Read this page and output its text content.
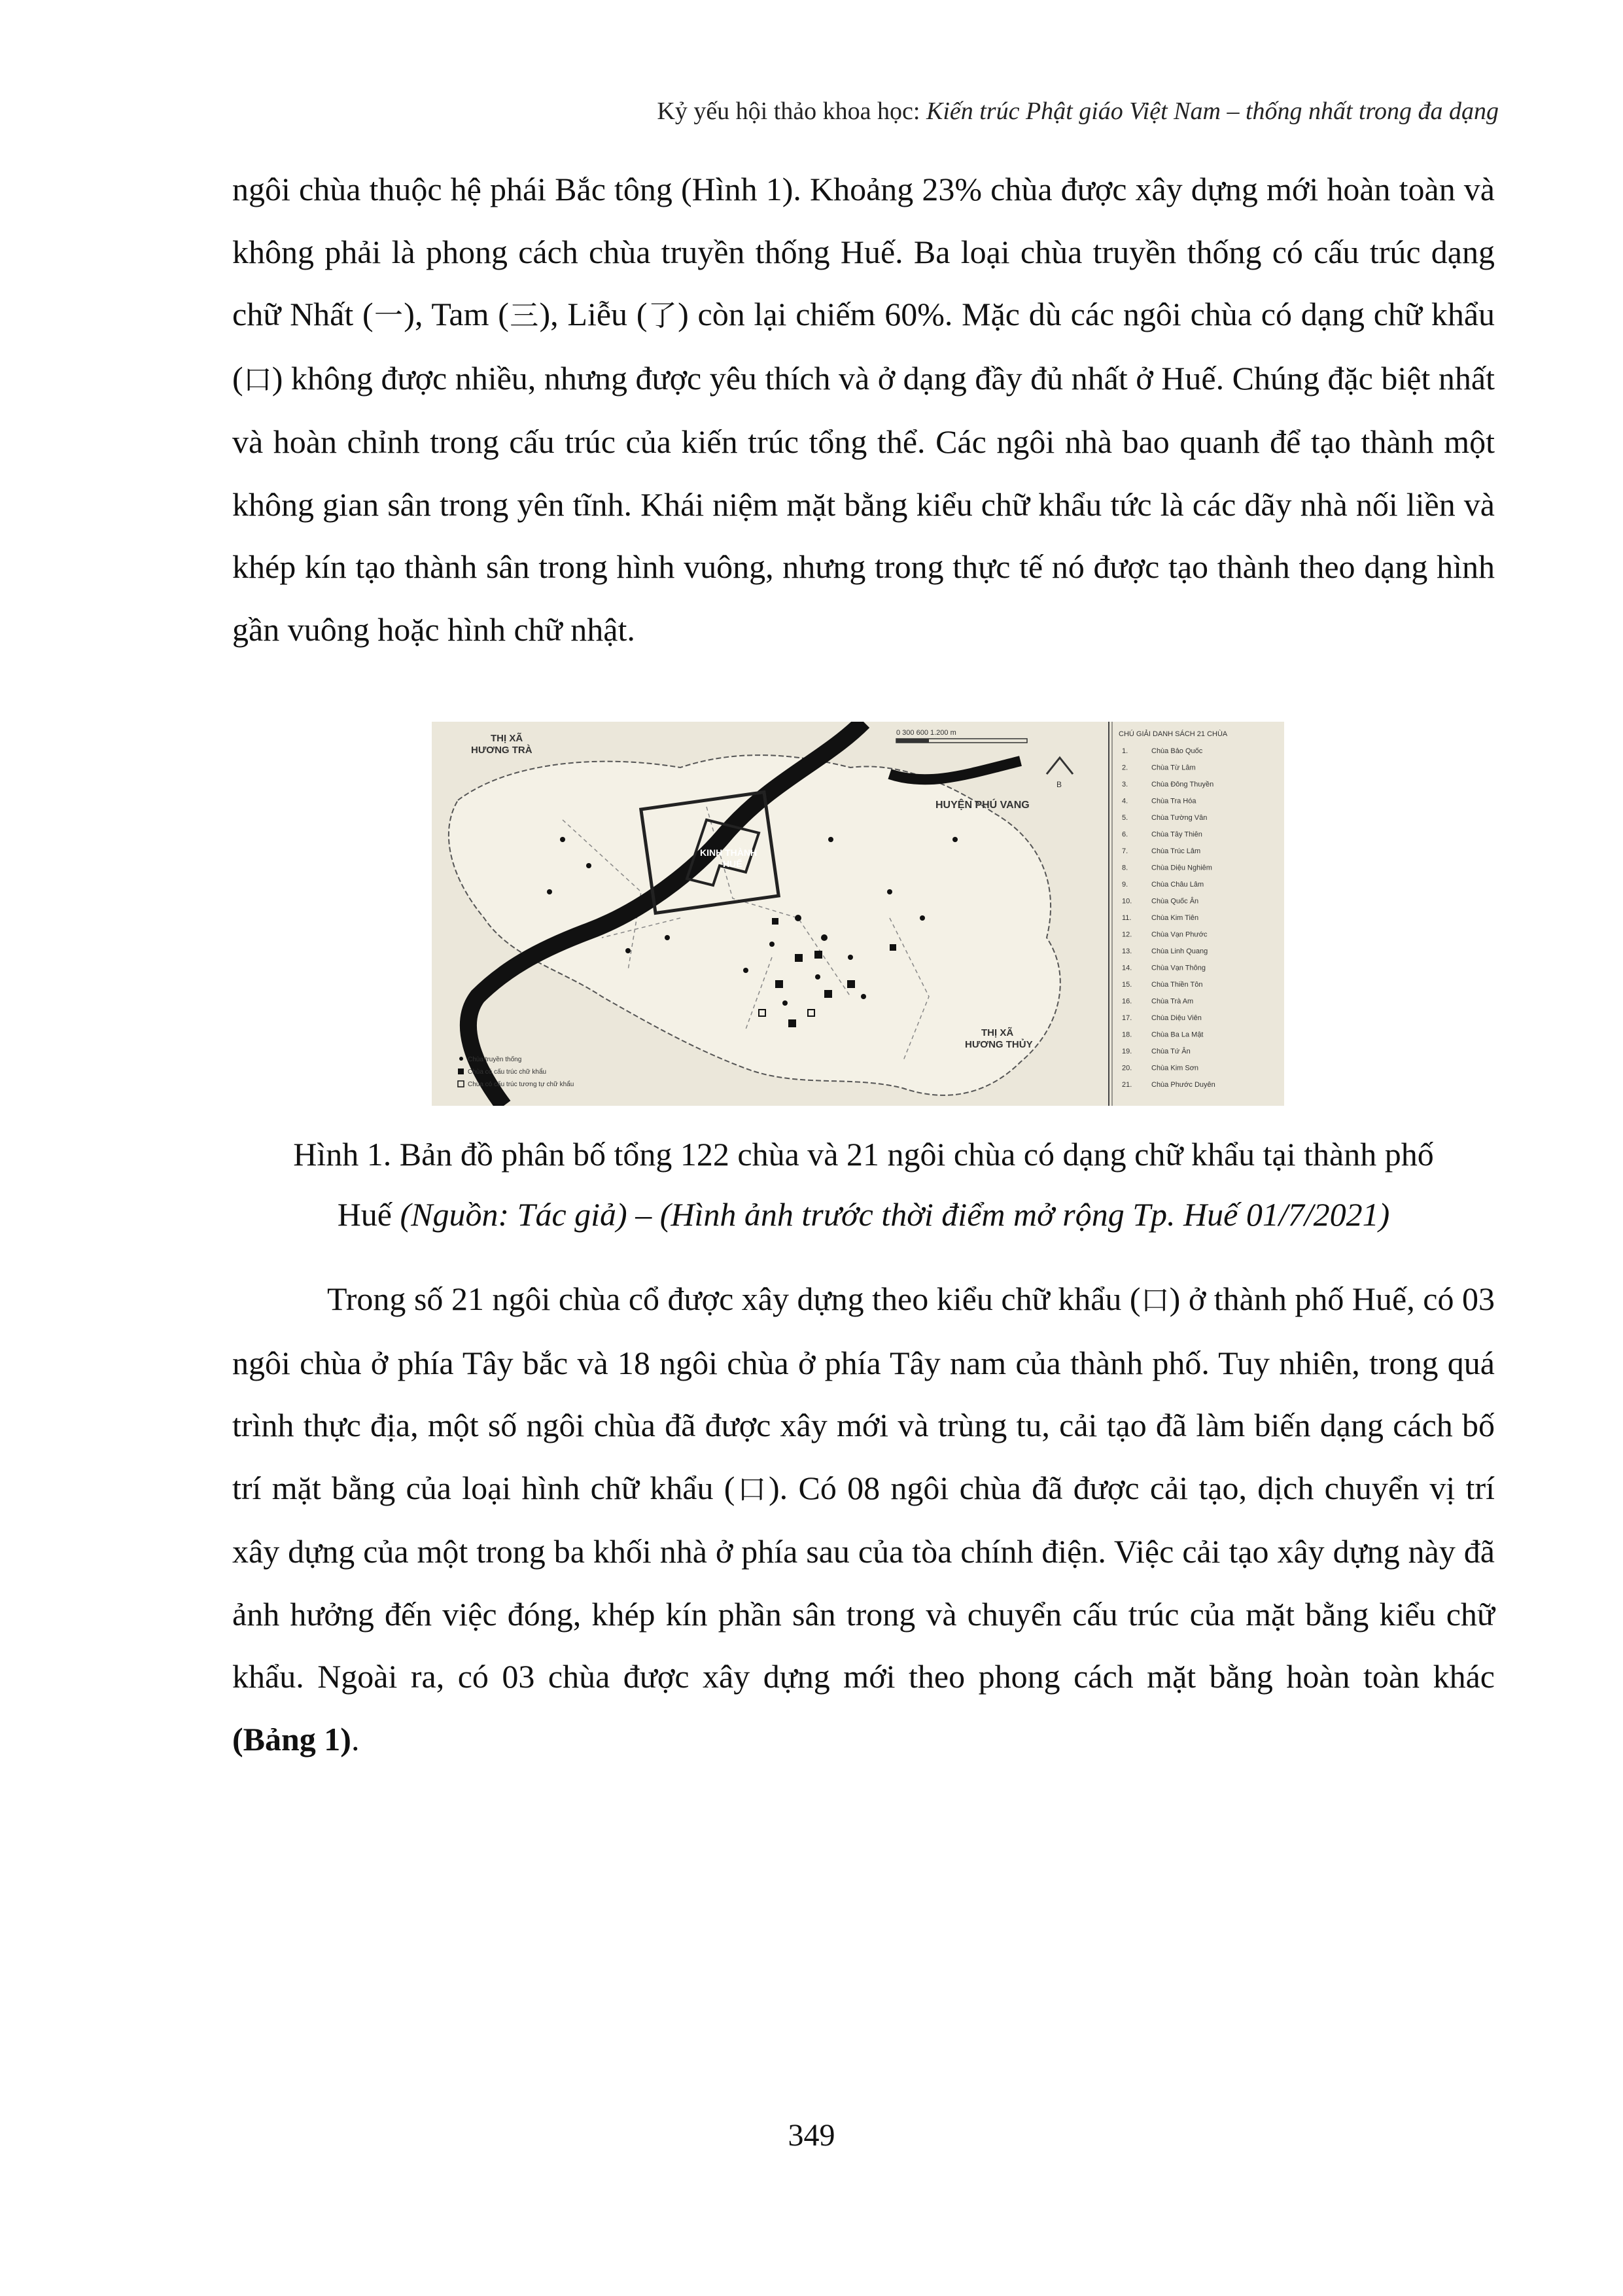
Kỷ yếu hội thảo khoa học: Kiến trúc Phật giáo Việt Nam – thống nhất trong đa dạng

ngôi chùa thuộc hệ phái Bắc tông (Hình 1). Khoảng 23% chùa được xây dựng mới hoàn toàn và không phải là phong cách chùa truyền thống Huế. Ba loại chùa truyền thống có cấu trúc dạng chữ Nhất (一), Tam (三), Liễu (了) còn lại chiếm 60%. Mặc dù các ngôi chùa có dạng chữ khẩu (口) không được nhiều, nhưng được yêu thích và ở dạng đầy đủ nhất ở Huế. Chúng đặc biệt nhất và hoàn chỉnh trong cấu trúc của kiến trúc tổng thể. Các ngôi nhà bao quanh để tạo thành một không gian sân trong yên tĩnh. Khái niệm mặt bằng kiểu chữ khẩu tức là các dãy nhà nối liền và khép kín tạo thành sân trong hình vuông, nhưng trong thực tế nó được tạo thành theo dạng hình gần vuông hoặc hình chữ nhật.

THỊ XÃ
HƯƠNG TRÀ
HUYỆN PHÚ VANG
KINH THÀNH
HUẾ
THỊ XÃ
HƯƠNG THỦY
0 300 600 1.200 m
B
Chùa truyền thống
Chùa có cấu trúc chữ khẩu
Chùa có cấu trúc tương tự chữ khẩu
CHÚ GIẢI DANH SÁCH 21 CHÙA
1.	Chùa Bảo Quốc
2.	Chùa Từ Lâm
3.	Chùa Đông Thuyền
4.	Chùa Tra Hóa
5.	Chùa Tường Vân
6.	Chùa Tây Thiên
7.	Chùa Trúc Lâm
8.	Chùa Diệu Nghiêm
9.	Chùa Châu Lâm
10.	Chùa Quốc Ân
11.	Chùa Kim Tiên
12.	Chùa Vạn Phước
13.	Chùa Linh Quang
14.	Chùa Vạn Thông
15.	Chùa Thiền Tôn
16.	Chùa Trà Am
17.	Chùa Diệu Viên
18.	Chùa Ba La Mật
19.	Chùa Tứ Ân
20.	Chùa Kim Sơn
21.	Chùa Phước Duyên
Hình 1. Bản đồ phân bố tổng 122 chùa và 21 ngôi chùa có dạng chữ khẩu tại thành phố
Huế (Nguồn: Tác giả) – (Hình ảnh trước thời điểm mở rộng Tp. Huế 01/7/2021)

Trong số 21 ngôi chùa cổ được xây dựng theo kiểu chữ khẩu (口) ở thành phố Huế, có 03 ngôi chùa ở phía Tây bắc và 18 ngôi chùa ở phía Tây nam của thành phố. Tuy nhiên, trong quá trình thực địa, một số ngôi chùa đã được xây mới và trùng tu, cải tạo đã làm biến dạng cách bố trí mặt bằng của loại hình chữ khẩu (口). Có 08 ngôi chùa đã được cải tạo, dịch chuyển vị trí xây dựng của một trong ba khối nhà ở phía sau của tòa chính điện. Việc cải tạo xây dựng này đã ảnh hưởng đến việc đóng, khép kín phần sân trong và chuyển cấu trúc của mặt bằng kiểu chữ khẩu. Ngoài ra, có 03 chùa được xây dựng mới theo phong cách mặt bằng hoàn toàn khác (Bảng 1).

349
